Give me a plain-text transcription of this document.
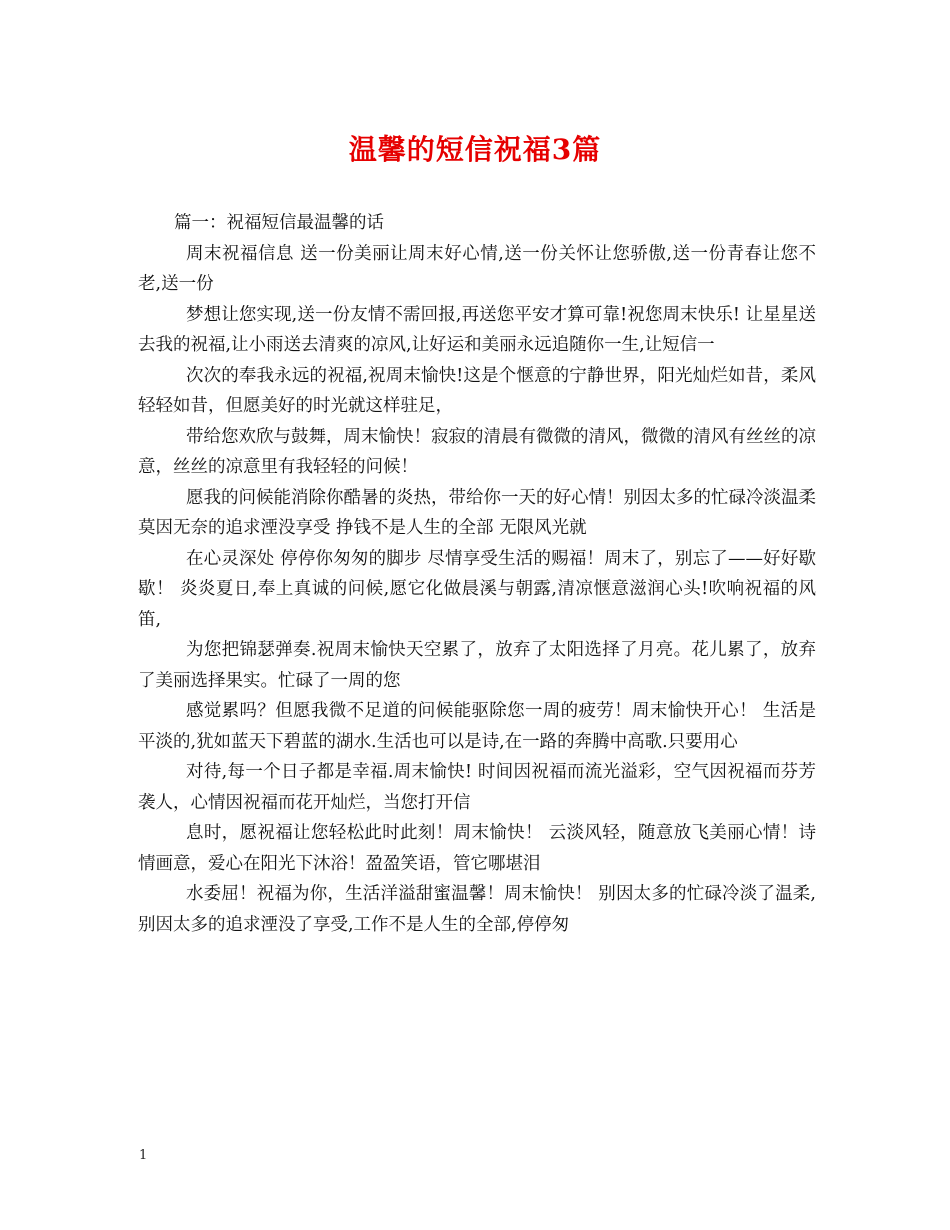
温馨的短信祝福3篇

篇一：祝福短信最温馨的话

周末祝福信息 送一份美丽让周末好心情,送一份关怀让您骄傲,送一份青春让您不老,送一份

梦想让您实现,送一份友情不需回报,再送您平安才算可靠!祝您周末快乐! 让星星送去我的祝福,让小雨送去清爽的凉风,让好运和美丽永远追随你一生,让短信一

次次的奉我永远的祝福,祝周末愉快!这是个惬意的宁静世界，阳光灿烂如昔，柔风轻轻如昔，但愿美好的时光就这样驻足，

带给您欢欣与鼓舞，周末愉快！寂寂的清晨有微微的清风，微微的清风有丝丝的凉意，丝丝的凉意里有我轻轻的问候！

愿我的问候能消除你酷暑的炎热，带给你一天的好心情！别因太多的忙碌冷淡温柔 莫因无奈的追求湮没享受 挣钱不是人生的全部 无限风光就

在心灵深处 停停你匆匆的脚步 尽情享受生活的赐福！周末了，别忘了——好好歇歇！ 炎炎夏日,奉上真诚的问候,愿它化做晨溪与朝露,清凉惬意滋润心头!吹响祝福的风笛,

为您把锦瑟弹奏.祝周末愉快天空累了，放弃了太阳选择了月亮。花儿累了，放弃了美丽选择果实。忙碌了一周的您

感觉累吗？但愿我微不足道的问候能驱除您一周的疲劳！周末愉快开心！ 生活是平淡的,犹如蓝天下碧蓝的湖水.生活也可以是诗,在一路的奔腾中高歌.只要用心

对待,每一个日子都是幸福.周末愉快! 时间因祝福而流光溢彩，空气因祝福而芬芳袭人，心情因祝福而花开灿烂，当您打开信

息时，愿祝福让您轻松此时此刻！周末愉快！ 云淡风轻，随意放飞美丽心情！诗情画意，爱心在阳光下沐浴！盈盈笑语，管它哪堪泪

水委屈！祝福为你，生活洋溢甜蜜温馨！周末愉快！ 别因太多的忙碌冷淡了温柔,别因太多的追求湮没了享受,工作不是人生的全部,停停匆

1
